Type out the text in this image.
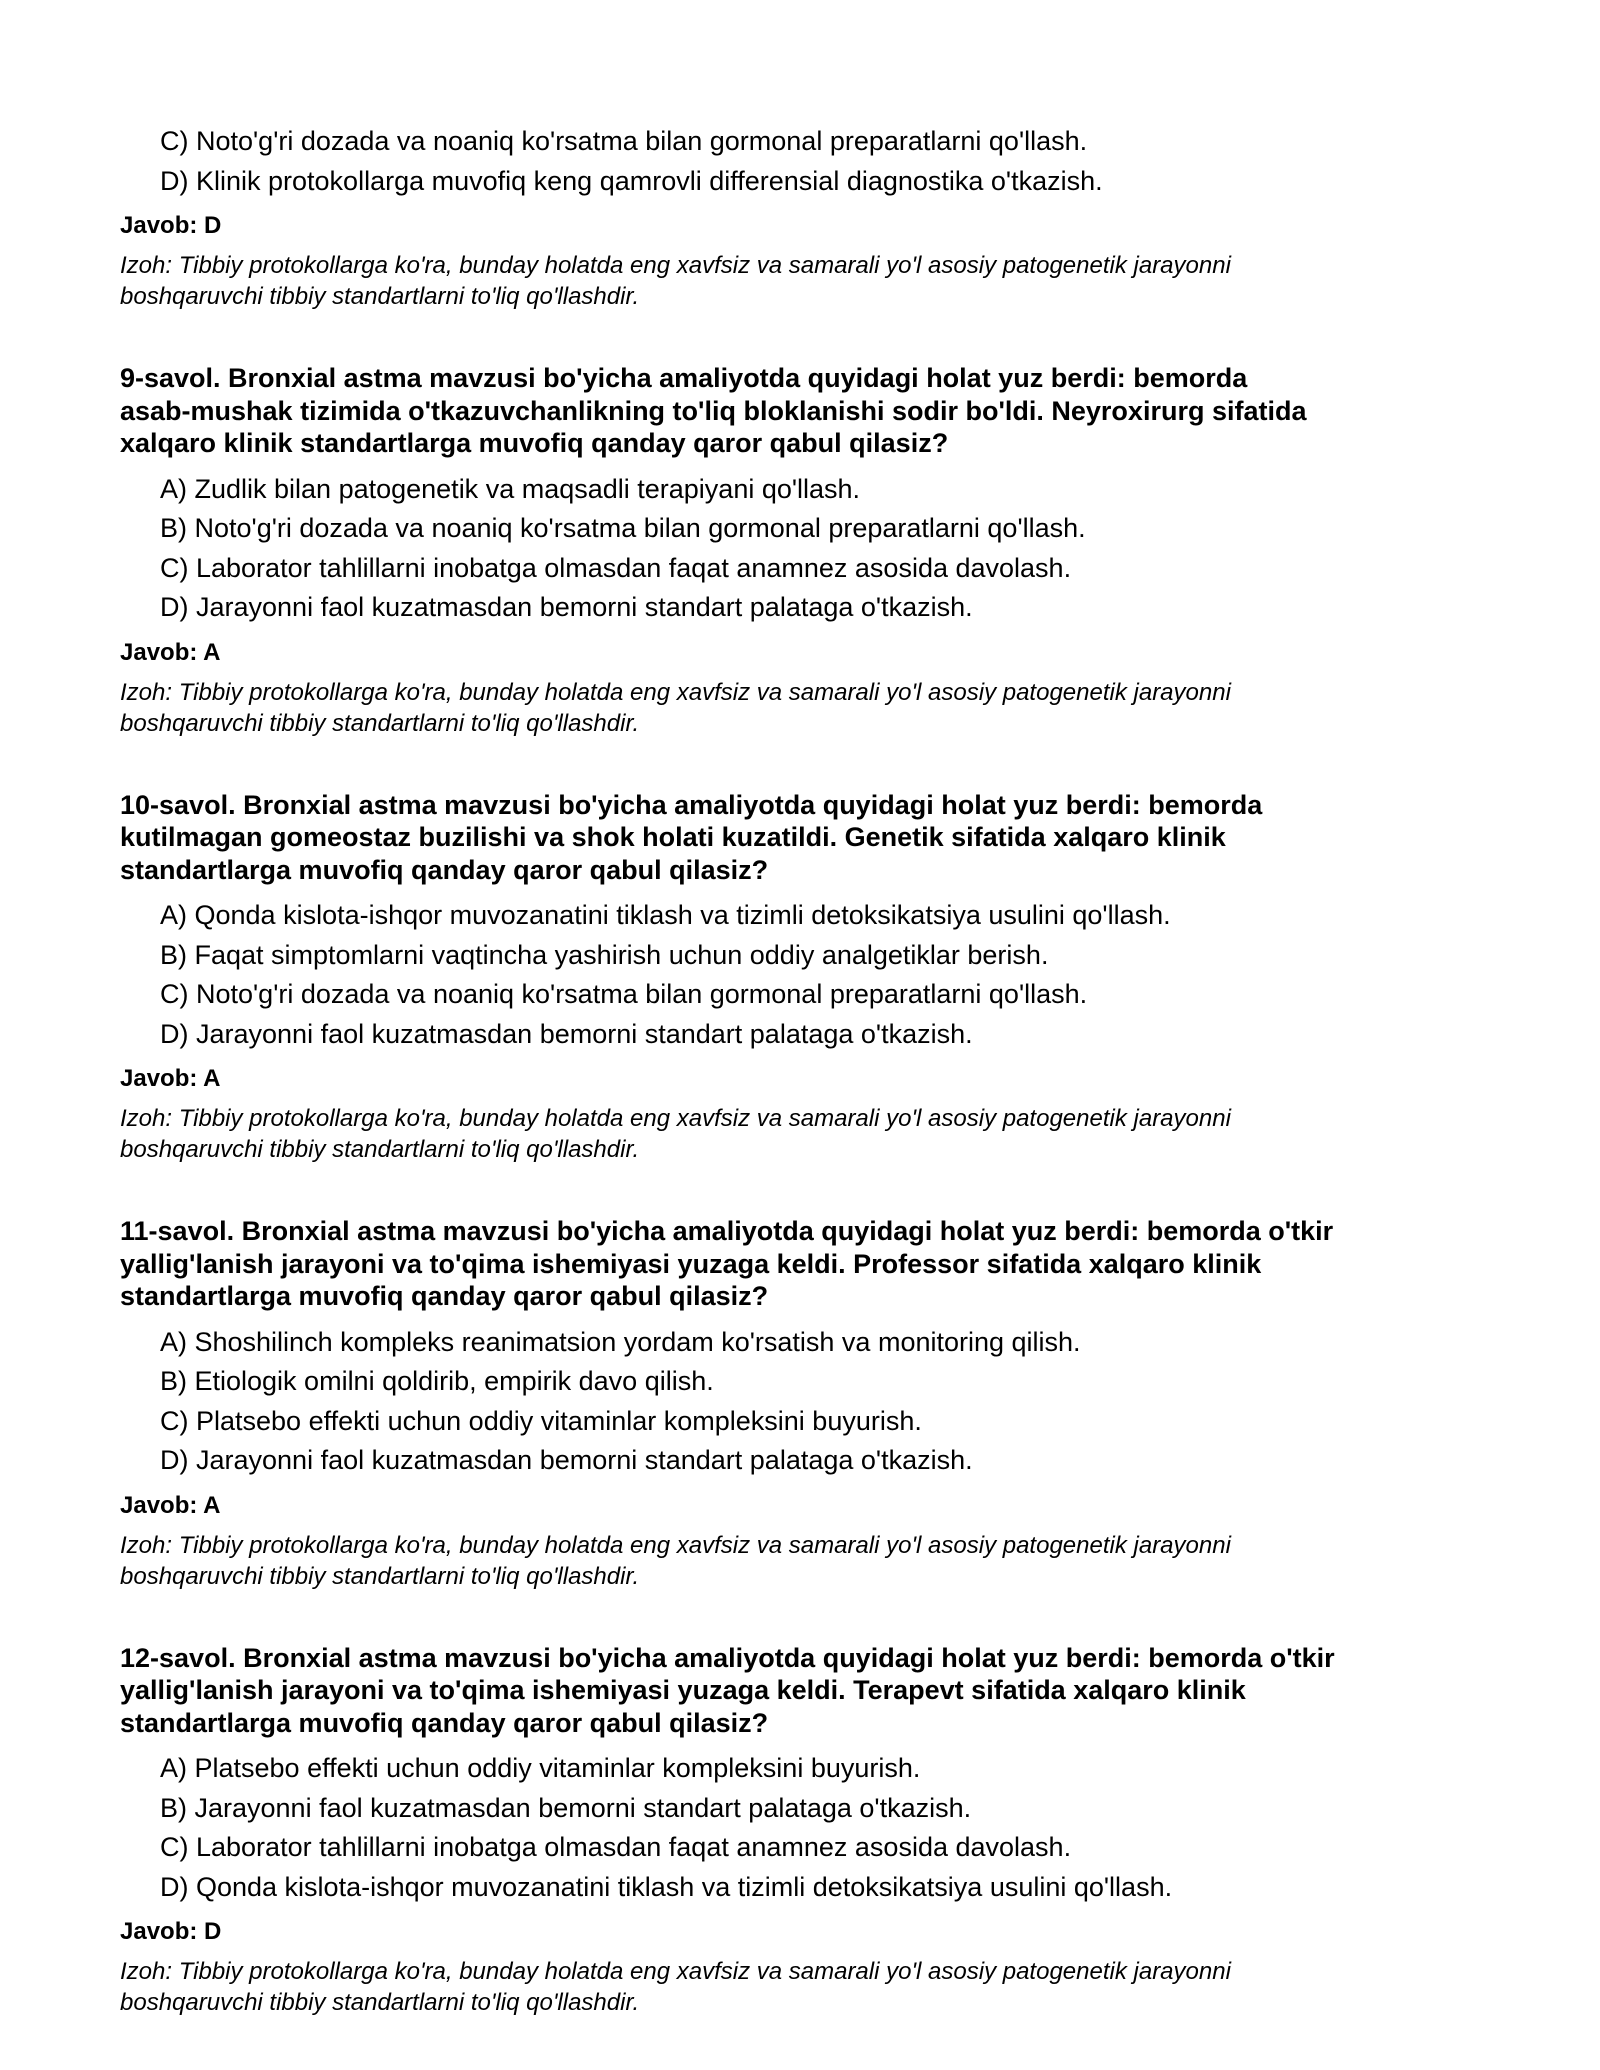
C) Noto'g'ri dozada va noaniq ko'rsatma bilan gormonal preparatlarni qo'llash.
D) Klinik protokollarga muvofiq keng qamrovli differensial diagnostika o'tkazish.
Javob: D
Izoh: Tibbiy protokollarga ko'ra, bunday holatda eng xavfsiz va samarali yo'l asosiy patogenetik jarayonni
boshqaruvchi tibbiy standartlarni to'liq qo'llashdir.
9-savol. Bronxial astma mavzusi bo'yicha amaliyotda quyidagi holat yuz berdi: bemorda
asab-mushak tizimida o'tkazuvchanlikning to'liq bloklanishi sodir bo'ldi. Neyroxirurg sifatida
xalqaro klinik standartlarga muvofiq qanday qaror qabul qilasiz?
A) Zudlik bilan patogenetik va maqsadli terapiyani qo'llash.
B) Noto'g'ri dozada va noaniq ko'rsatma bilan gormonal preparatlarni qo'llash.
C) Laborator tahlillarni inobatga olmasdan faqat anamnez asosida davolash.
D) Jarayonni faol kuzatmasdan bemorni standart palataga o'tkazish.
Javob: A
Izoh: Tibbiy protokollarga ko'ra, bunday holatda eng xavfsiz va samarali yo'l asosiy patogenetik jarayonni
boshqaruvchi tibbiy standartlarni to'liq qo'llashdir.
10-savol. Bronxial astma mavzusi bo'yicha amaliyotda quyidagi holat yuz berdi: bemorda
kutilmagan gomeostaz buzilishi va shok holati kuzatildi. Genetik sifatida xalqaro klinik
standartlarga muvofiq qanday qaror qabul qilasiz?
A) Qonda kislota-ishqor muvozanatini tiklash va tizimli detoksikatsiya usulini qo'llash.
B) Faqat simptomlarni vaqtincha yashirish uchun oddiy analgetiklar berish.
C) Noto'g'ri dozada va noaniq ko'rsatma bilan gormonal preparatlarni qo'llash.
D) Jarayonni faol kuzatmasdan bemorni standart palataga o'tkazish.
Javob: A
Izoh: Tibbiy protokollarga ko'ra, bunday holatda eng xavfsiz va samarali yo'l asosiy patogenetik jarayonni
boshqaruvchi tibbiy standartlarni to'liq qo'llashdir.
11-savol. Bronxial astma mavzusi bo'yicha amaliyotda quyidagi holat yuz berdi: bemorda o'tkir
yallig'lanish jarayoni va to'qima ishemiyasi yuzaga keldi. Professor sifatida xalqaro klinik
standartlarga muvofiq qanday qaror qabul qilasiz?
A) Shoshilinch kompleks reanimatsion yordam ko'rsatish va monitoring qilish.
B) Etiologik omilni qoldirib, empirik davo qilish.
C) Platsebo effekti uchun oddiy vitaminlar kompleksini buyurish.
D) Jarayonni faol kuzatmasdan bemorni standart palataga o'tkazish.
Javob: A
Izoh: Tibbiy protokollarga ko'ra, bunday holatda eng xavfsiz va samarali yo'l asosiy patogenetik jarayonni
boshqaruvchi tibbiy standartlarni to'liq qo'llashdir.
12-savol. Bronxial astma mavzusi bo'yicha amaliyotda quyidagi holat yuz berdi: bemorda o'tkir
yallig'lanish jarayoni va to'qima ishemiyasi yuzaga keldi. Terapevt sifatida xalqaro klinik
standartlarga muvofiq qanday qaror qabul qilasiz?
A) Platsebo effekti uchun oddiy vitaminlar kompleksini buyurish.
B) Jarayonni faol kuzatmasdan bemorni standart palataga o'tkazish.
C) Laborator tahlillarni inobatga olmasdan faqat anamnez asosida davolash.
D) Qonda kislota-ishqor muvozanatini tiklash va tizimli detoksikatsiya usulini qo'llash.
Javob: D
Izoh: Tibbiy protokollarga ko'ra, bunday holatda eng xavfsiz va samarali yo'l asosiy patogenetik jarayonni
boshqaruvchi tibbiy standartlarni to'liq qo'llashdir.
